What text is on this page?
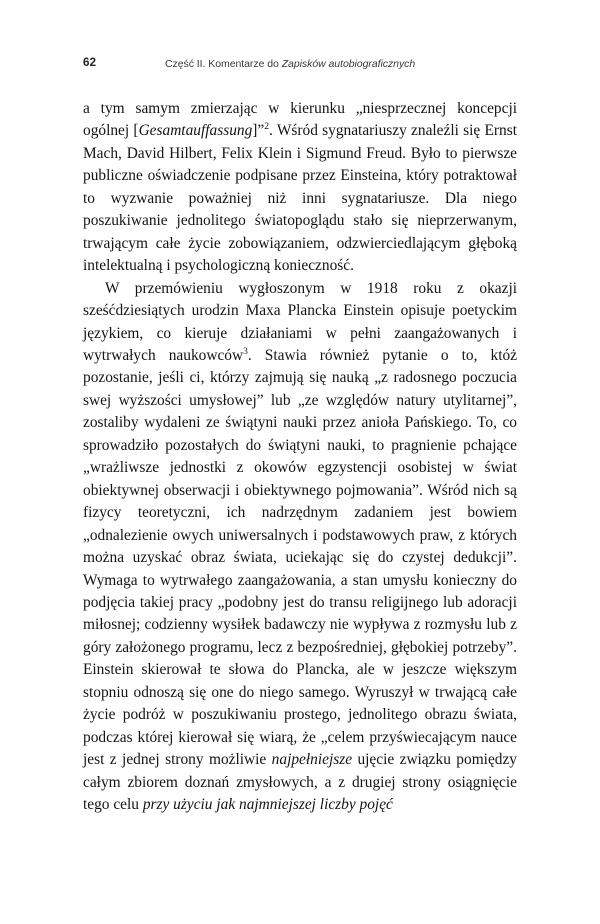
62	Część II. Komentarze do Zapisków autobiograficznych

a tym samym zmierzając w kierunku „niesprzecznej koncepcji ogólnej [Gesamtauffassung]”$^2$. Wśród sygnatariuszy znaleźli się Ernst Mach, David Hilbert, Felix Klein i Sigmund Freud. Było to pierwsze publiczne oświadczenie podpisane przez Einsteina, który potraktował to wyzwanie poważniej niż inni sygnatariusze. Dla niego poszukiwanie jednolitego światopoglądu stało się nieprzerwanym, trwającym całe życie zobowiązaniem, odzwierciedlającym głęboką intelektualną i psychologiczną konieczność.

W przemówieniu wygłoszonym w 1918 roku z okazji sześćdziesiątych urodzin Maxa Plancka Einstein opisuje poetyckim językiem, co kieruje działaniami w pełni zaangażowanych i wytrwałych naukowców$^3$. Stawia również pytanie o to, któż pozostanie, jeśli ci, którzy zajmują się nauką „z radosnego poczucia swej wyższości umysłowej” lub „ze względów natury utylitarnej”, zostaliby wydaleni ze świątyni nauki przez anioła Pańskiego. To, co sprowadziło pozostałych do świątyni nauki, to pragnienie pchające „wrażliwsze jednostki z okowów egzystencji osobistej w świat obiektywnej obserwacji i obiektywnego pojmowania”. Wśród nich są fizycy teoretyczni, ich nadrzędnym zadaniem jest bowiem „odnalezienie owych uniwersalnych i podstawowych praw, z których można uzyskać obraz świata, uciekając się do czystej dedukcji”. Wymaga to wytrwałego zaangażowania, a stan umysłu konieczny do podjęcia takiej pracy „podobny jest do transu religijnego lub adoracji miłosnej; codzienny wysiłek badawczy nie wypływa z rozmysłu lub z góry założonego programu, lecz z bezpośredniej, głębokiej potrzeby”. Einstein skierował te słowa do Plancka, ale w jeszcze większym stopniu odnoszą się one do niego samego. Wyruszył w trwającą całe życie podróż w poszukiwaniu prostego, jednolitego obrazu świata, podczas której kierował się wiarą, że „celem przyświecającym nauce jest z jednej strony możliwie najpełniejsze ujęcie związku pomiędzy całym zbiorem doznań zmysłowych, a z drugiej strony osiągnięcie tego celu przy użyciu jak najmniejszej liczby pojęć
